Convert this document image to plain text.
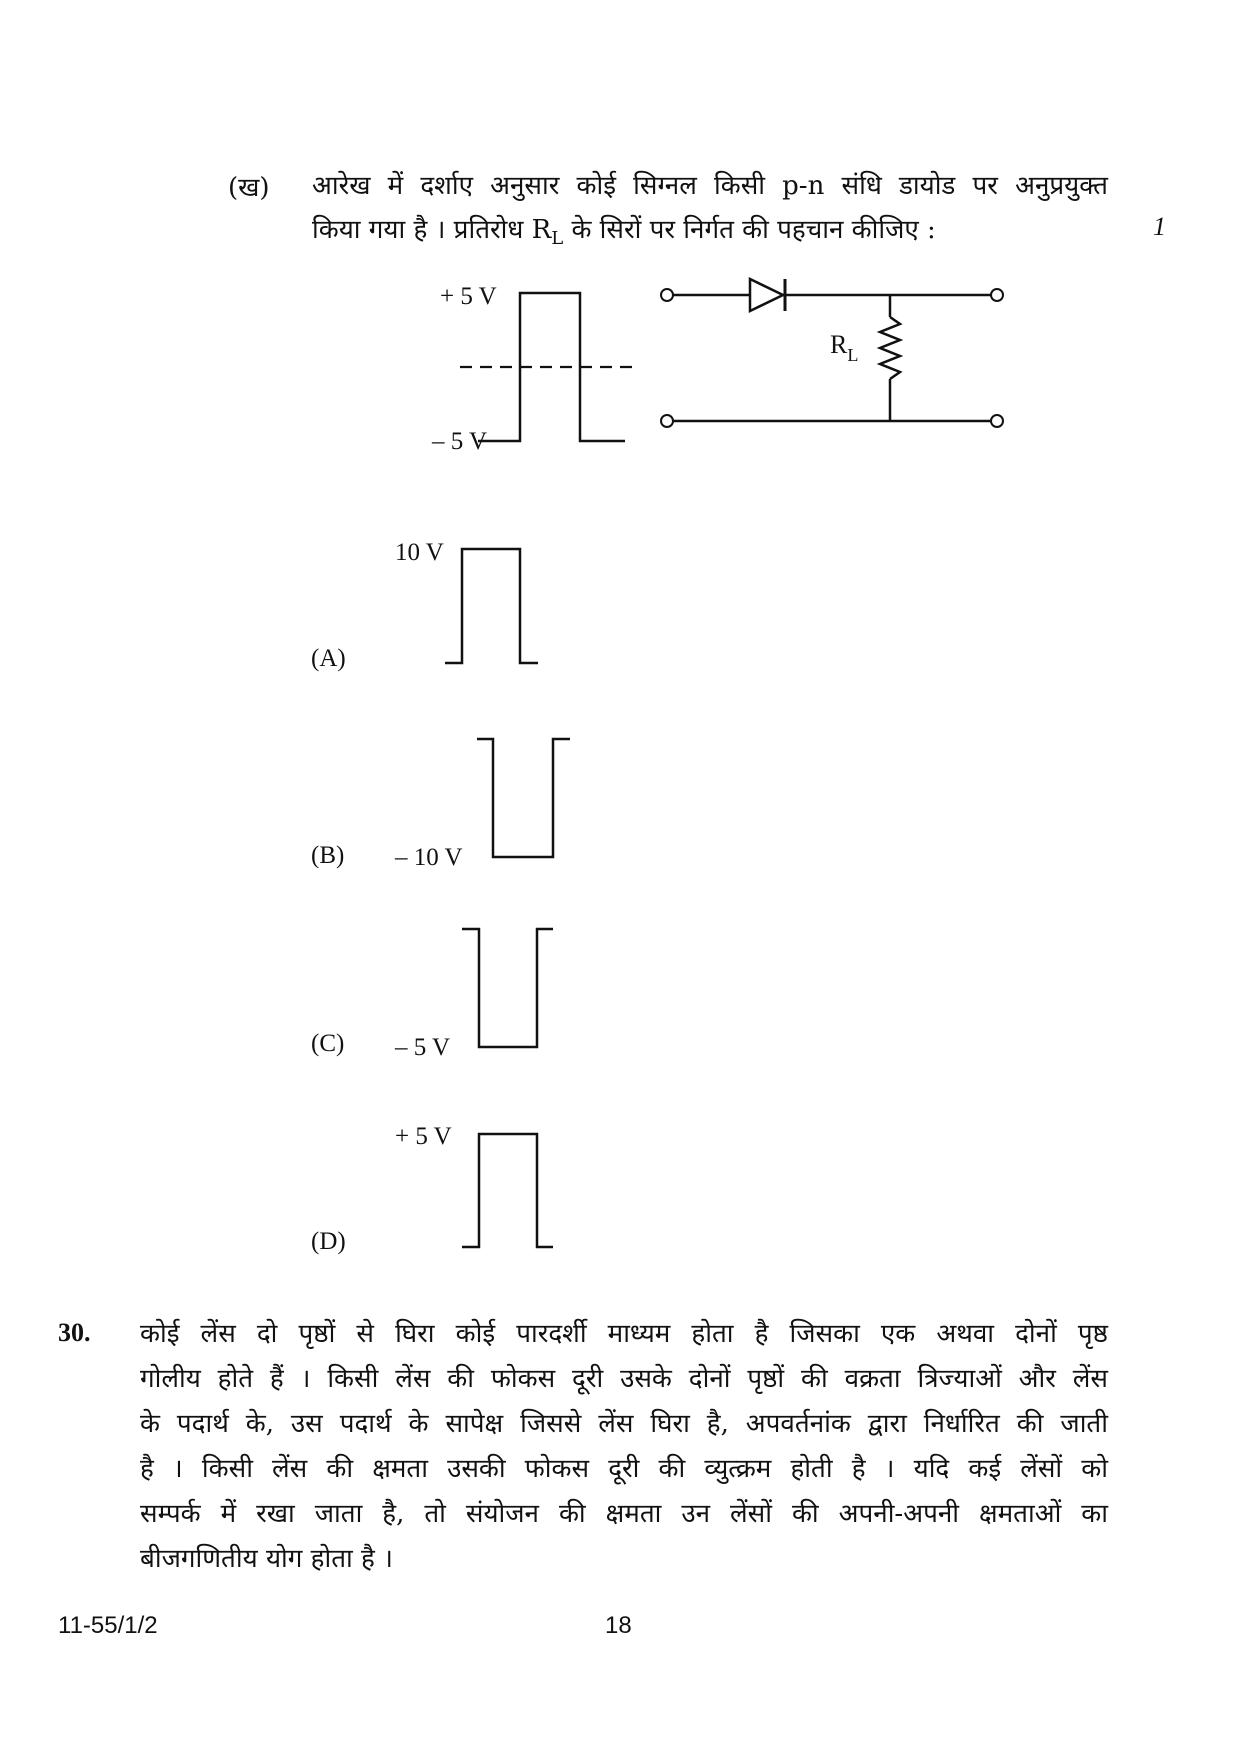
(ख) आरेख में दर्शाए अनुसार कोई सिग्नल किसी p-n संधि डायोड पर अनुप्रयुक्त
किया गया है । प्रतिरोध $R_L$ के सिरों पर निर्गत की पहचान कीजिए :	1
+ 5 V
– 5 V
$R_L$
(A)
10 V
(B) – 10 V
(C) – 5 V
(D)
+ 5 V
30. कोई लेंस दो पृष्ठों से घिरा कोई पारदर्शी माध्यम होता है जिसका एक अथवा दोनों पृष्ठ
गोलीय होते हैं । किसी लेंस की फोकस दूरी उसके दोनों पृष्ठों की वक्रता त्रिज्याओं और लेंस
के पदार्थ के, उस पदार्थ के सापेक्ष जिससे लेंस घिरा है, अपवर्तनांक द्वारा निर्धारित की जाती
है । किसी लेंस की क्षमता उसकी फोकस दूरी की व्युत्क्रम होती है । यदि कई लेंसों को
सम्पर्क में रखा जाता है, तो संयोजन की क्षमता उन लेंसों की अपनी-अपनी क्षमताओं का
बीजगणितीय योग होता है ।
11-55/1/2	18
